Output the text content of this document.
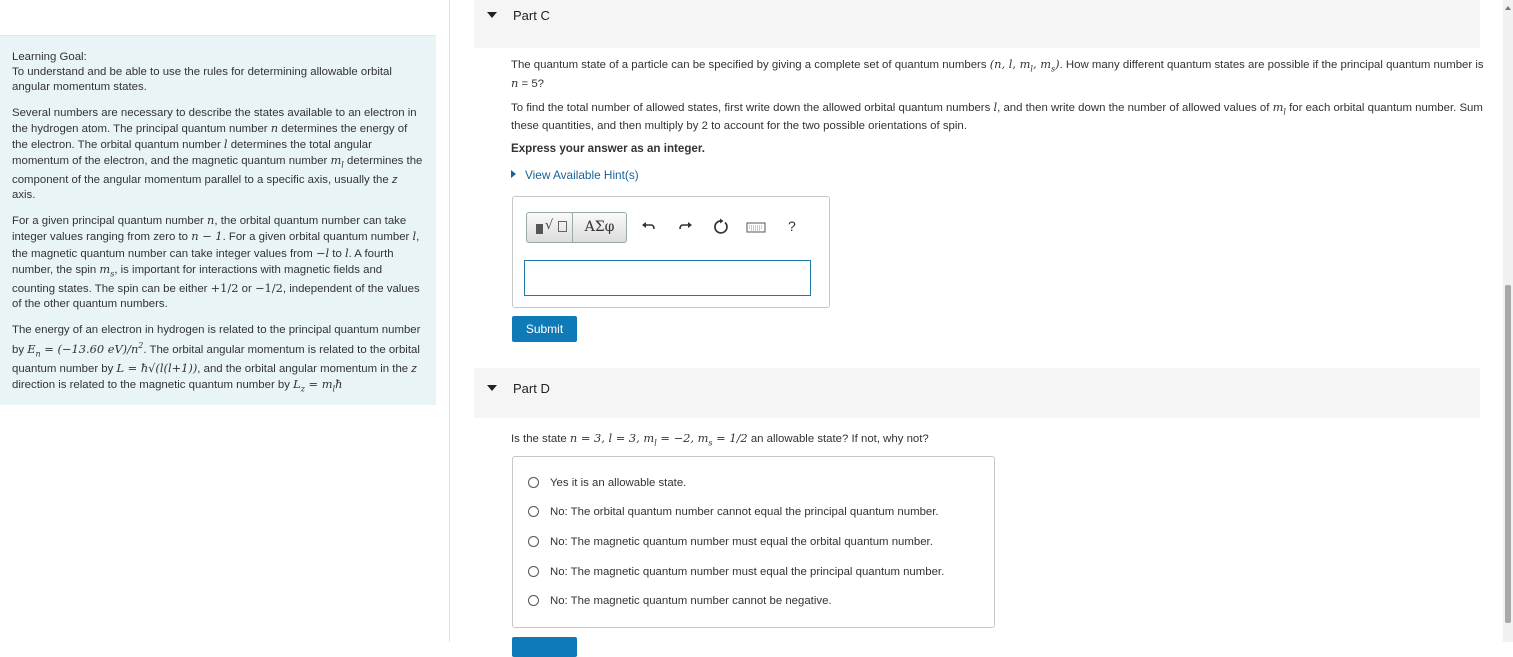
Learning Goal:
To understand and be able to use the rules for determining allowable orbital angular momentum states.

Several numbers are necessary to describe the states available to an electron in the hydrogen atom. The principal quantum number n determines the energy of the electron. The orbital quantum number l determines the total angular momentum of the electron, and the magnetic quantum number $m_l$ determines the component of the angular momentum parallel to a specific axis, usually the z axis.

For a given principal quantum number n, the orbital quantum number can take integer values ranging from zero to n − 1. For a given orbital quantum number l, the magnetic quantum number can take integer values from −l to l. A fourth number, the spin $m_s$, is important for interactions with magnetic fields and counting states. The spin can be either +1/2 or −1/2, independent of the values of the other quantum numbers.

The energy of an electron in hydrogen is related to the principal quantum number by $E_n = (-13.60$ $eV)/n^2$. The orbital angular momentum is related to the orbital quantum number by L = ħ√(l(l+1)), and the orbital angular momentum in the z direction is related to the magnetic quantum number by $L_z$ = $m_lħ$

Part C
The quantum state of a particle can be specified by giving a complete set of quantum numbers (n, l, $m_l$, $m_s$). How many different quantum states are possible if the principal quantum number is n = 5?
To find the total number of allowed states, first write down the allowed orbital quantum numbers l, and then write down the number of allowed values of $m_l$ for each orbital quantum number. Sum these quantities, and then multiply by 2 to account for the two possible orientations of spin.
Express your answer as an integer.
View Available Hint(s)
√	ΑΣφ	?
Submit
Part D
Is the state n = 3, l = 3, $m_l = -2$, $m_s = 1/2$ an allowable state? If not, why not?
Yes it is an allowable state.
No: The orbital quantum number cannot equal the principal quantum number.
No: The magnetic quantum number must equal the orbital quantum number.
No: The magnetic quantum number must equal the principal quantum number.
No: The magnetic quantum number cannot be negative.
